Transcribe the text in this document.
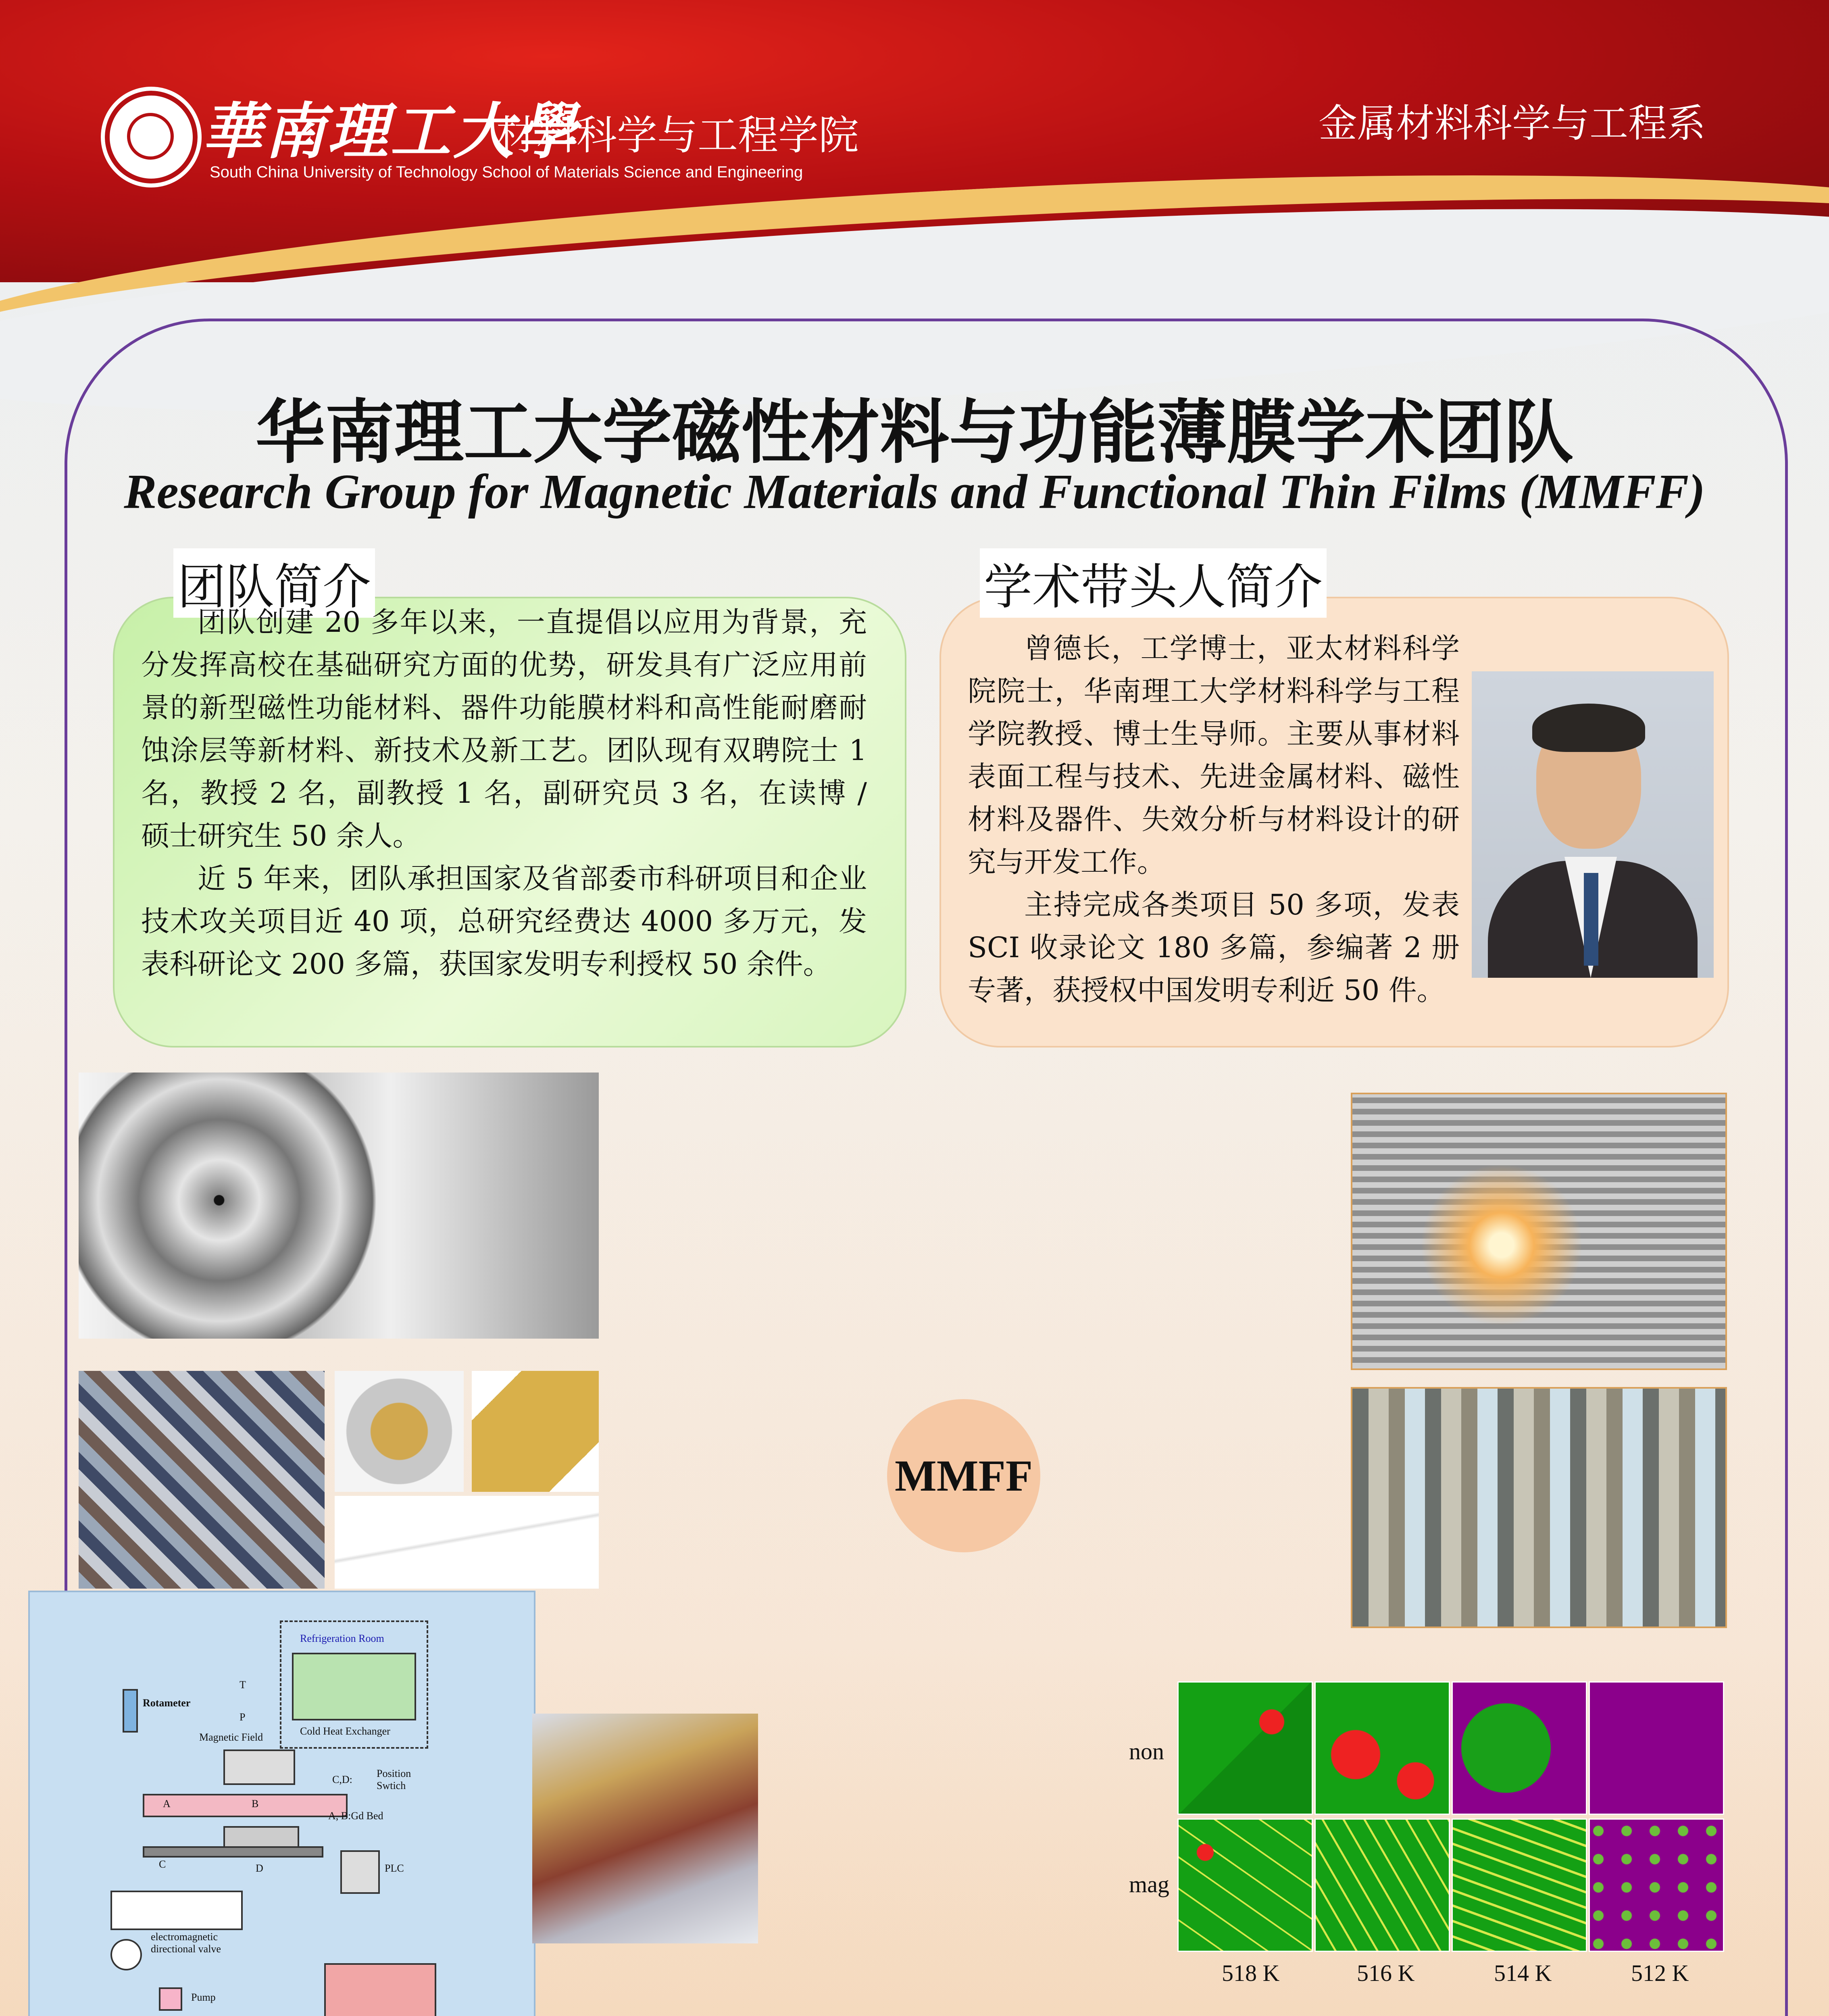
華南理工大學
材料科学与工程学院
South China University of Technology School of Materials Science and Engineering
金属材料科学与工程系
华南理工大学磁性材料与功能薄膜学术团队
Research Group for Magnetic Materials and Functional Thin Films (MMFF)
团队简介

团队创建 20 多年以来，一直提倡以应用为背景，充分发挥高校在基础研究方面的优势，研发具有广泛应用前景的新型磁性功能材料、器件功能膜材料和高性能耐磨耐蚀涂层等新材料、新技术及新工艺。团队现有双聘院士 1 名，教授 2 名，副教授 1 名，副研究员 3 名，在读博 / 硕士研究生 50 余人。

近 5 年来，团队承担国家及省部委市科研项目和企业技术攻关项目近 40 项，总研究经费达 4000 多万元，发表科研论文 200 多篇，获国家发明专利授权 50 余件。

学术带头人简介

曾德长，工学博士，亚太材料科学院院士，华南理工大学材料科学与工程学院教授、博士生导师。主要从事材料表面工程与技术、先进金属材料、磁性材料及器件、失效分析与材料设计的研究与开发工作。

主持完成各类项目 50 多项，发表 SCI 收录论文 180 多篇，参编著 2 册专著，获授权中国发明专利近 50 件。

Refrigeration Room
Cold Heat Exchanger
Rotameter
T
P
Magnetic Field
A	B
C,D:
Position Swtich
A, B:Gd Bed
C	D	PLC
electromagnetic directional valve
Pump
MMFF
non
mag
518 K	516 K	514 K	512 K
